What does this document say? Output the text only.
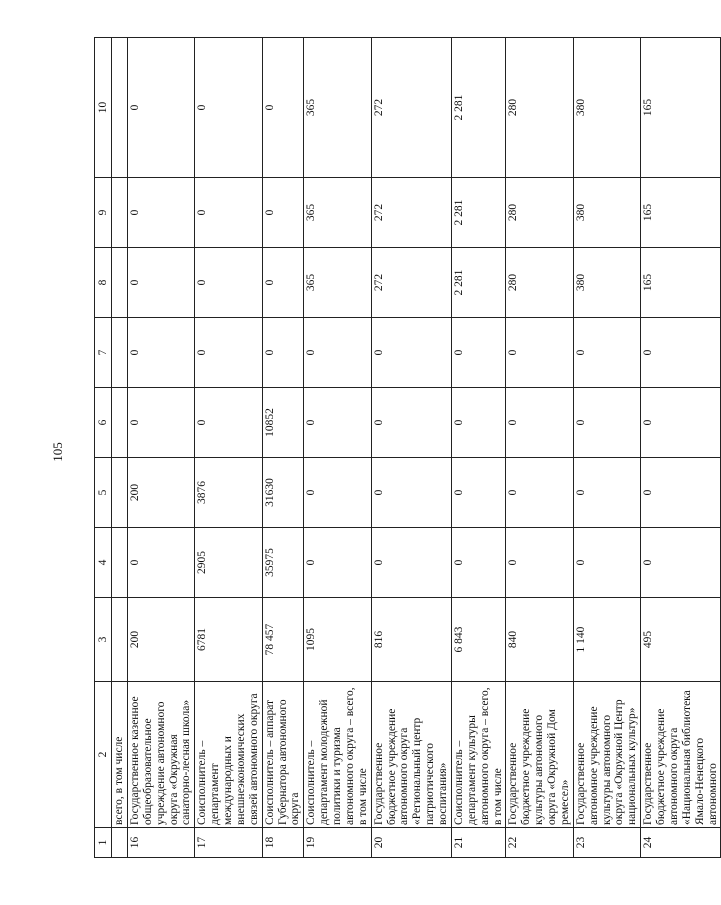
105
1	2	3	4	5	6	7	8	9	10
	всего, в том числе								
16	Государственное казенное общеобразовательное учреждение автономного округа «Окружная санаторно-лесная школа»	200	0	200	0	0	0	0	0
17	Соисполнитель – департамент международных и внешнеэкономических связей автономного округа	6781	2905	3876	0	0	0	0	0
18	Соисполнитель – аппарат Губернатора автономного округа	78 457	35975	31630	10852	0	0	0	0
19	Соисполнитель – департамент молодежной политики и туризма автономного округа – всего, в том числе	1095	0	0	0	0	365	365	365
20	Государственное бюджетное учреждение автономного округа «Региональный центр патриотического воспитания»	816	0	0	0	0	272	272	272
21	Соисполнитель – департамент культуры автономного округа – всего, в том числе	6 843	0	0	0	0	2 281	2 281	2 281
22	Государственное бюджетное учреждение культуры автономного округа «Окружной Дом ремесел»	840	0	0	0	0	280	280	280
23	Государственное автономное учреждение культуры автономного округа «Окружной Центр национальных культур»	1 140	0	0	0	0	380	380	380
24	Государственное бюджетное учреждение автономного округа «Национальная библиотека Ямало-Ненецкого автономного	495	0	0	0	0	165	165	165
